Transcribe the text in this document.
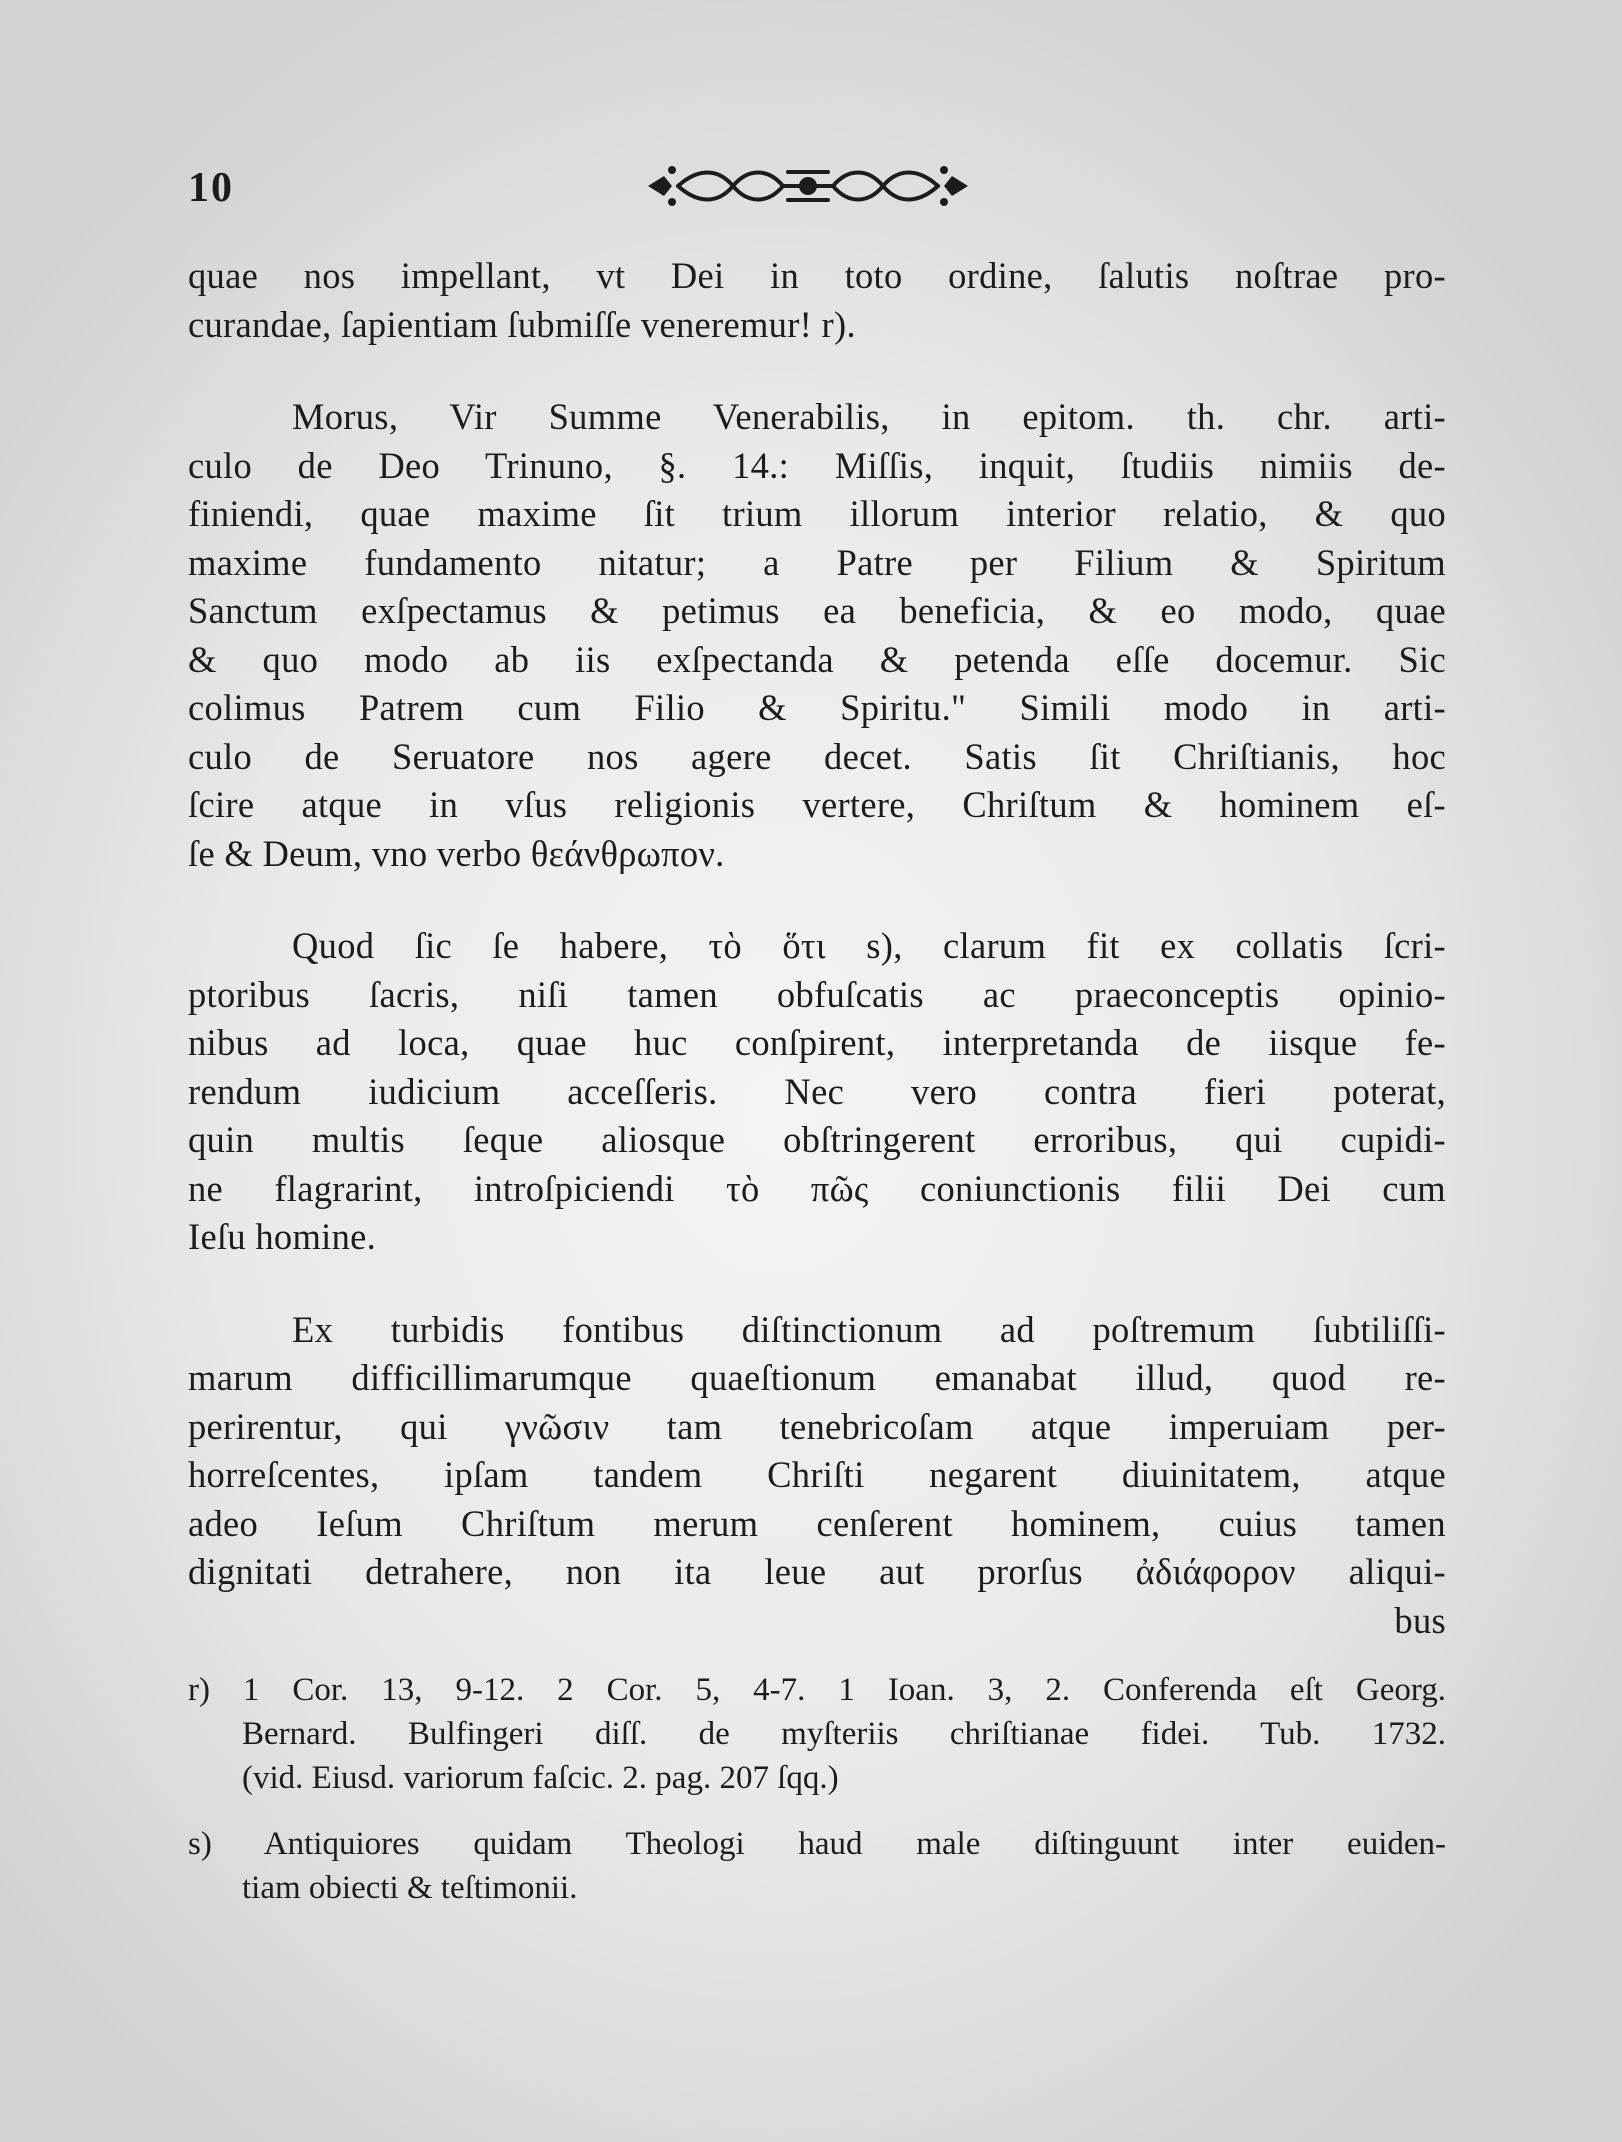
10
quae nos impellant, vt Dei in toto ordine, ſalutis noſtrae pro-
curandae, ſapientiam ſubmiſſe veneremur! r).
Morus, Vir Summe Venerabilis, in epitom. th. chr. arti-
culo de Deo Trinuno, §. 14.: Miſſis, inquit, ſtudiis nimiis de-
finiendi, quae maxime ſit trium illorum interior relatio, & quo
maxime fundamento nitatur; a Patre per Filium & Spiritum
Sanctum exſpectamus & petimus ea beneficia, & eo modo, quae
& quo modo ab iis exſpectanda & petenda eſſe docemur. Sic
colimus Patrem cum Filio & Spiritu." Simili modo in arti-
culo de Seruatore nos agere decet. Satis ſit Chriſtianis, hoc
ſcire atque in vſus religionis vertere, Chriſtum & hominem eſ-
ſe & Deum, vno verbo θεάνθρωπον.
Quod ſic ſe habere, τὸ ὅτι s), clarum fit ex collatis ſcri-
ptoribus ſacris, niſi tamen obfuſcatis ac praeconceptis opinio-
nibus ad loca, quae huc conſpirent, interpretanda de iisque fe-
rendum iudicium acceſſeris. Nec vero contra fieri poterat,
quin multis ſeque aliosque obſtringerent erroribus, qui cupidi-
ne flagrarint, introſpiciendi τὸ πῶς coniunctionis filii Dei cum
Ieſu homine.
Ex turbidis fontibus diſtinctionum ad poſtremum ſubtiliſſi-
marum difficillimarumque quaeſtionum emanabat illud, quod re-
perirentur, qui γνῶσιν tam tenebricoſam atque imperuiam per-
horreſcentes, ipſam tandem Chriſti negarent diuinitatem, atque
adeo Ieſum Chriſtum merum cenſerent hominem, cuius tamen
dignitati detrahere, non ita leue aut prorſus ἀδιάφορον aliqui-
bus
r) 1 Cor. 13, 9-12. 2 Cor. 5, 4-7. 1 Ioan. 3, 2. Conferenda eſt Georg.
Bernard. Bulfingeri diſſ. de myſteriis chriſtianae fidei. Tub. 1732.
(vid. Eiusd. variorum faſcic. 2. pag. 207 ſqq.)
s) Antiquiores quidam Theologi haud male diſtinguunt inter euiden-
tiam obiecti & teſtimonii.
